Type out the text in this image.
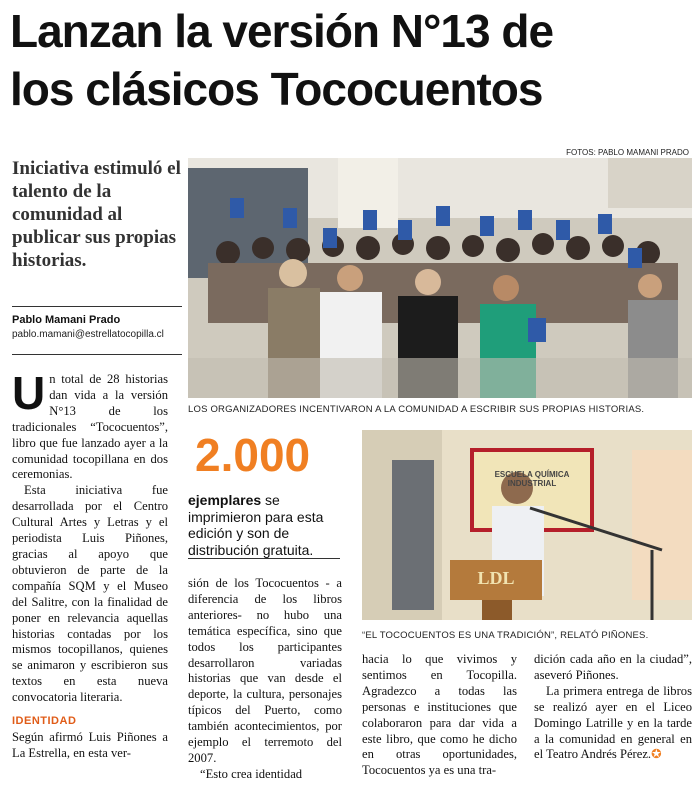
Lanzan la versión N°13 de
los clásicos Tococuentos
FOTOS: PABLO MAMANI PRADO

Iniciativa estimuló el talento de la comunidad al publicar sus propias historias.

Pablo Mamani Prado
pablo.mamani@estrellatocopilla.cl
LOS ORGANIZADORES INCENTIVARON A LA COMUNIDAD A ESCRIBIR SUS PROPIAS HISTORIAS.

Un total de 28 historias dan vida a la versión N°13 de los tradicionales “Tococuentos”, libro que fue lanzado ayer a la comunidad tocopillana en dos ceremonias.

Esta iniciativa fue desarrollada por el Centro Cultural Artes y Letras y el periodista Luis Piñones, gracias al apoyo que obtuvieron de parte de la compañía SQM y el Museo del Salitre, con la finalidad de poner en relevancia aquellas historias contadas por los mismos tocopillanos, quienes se animaron y escribieron sus textos en esta nueva convocatoria literaria.

IDENTIDAD

Según afirmó Luis Piñones a La Estrella, en esta ver-

2.000
ejemplares se imprimieron para esta edición y son de distribución gratuita.

sión de los Tococuentos - a diferencia de los libros anteriores- no hubo una temática específica, sino que todos los participantes desarrollaron variadas historias que van desde el deporte, la cultura, personajes típicos del Puerto, como también acontecimientos, por ejemplo el terremoto del 2007.

“Esto crea identidad

ESCUELA QUÍMICA INDUSTRIAL
LDL
“EL TOCOCUENTOS ES UNA TRADICIÓN”, RELATÓ PIÑONES.

hacia lo que vivimos y sentimos en Tocopilla. Agradezco a todas las personas e instituciones que colaboraron para dar vida a este libro, que como he dicho en otras oportunidades, Tococuentos ya es una tra-

dición cada año en la ciudad”, aseveró Piñones.

La primera entrega de libros se realizó ayer en el Liceo Domingo Latrille y en la tarde a la comunidad en general en el Teatro Andrés Pérez.✪
